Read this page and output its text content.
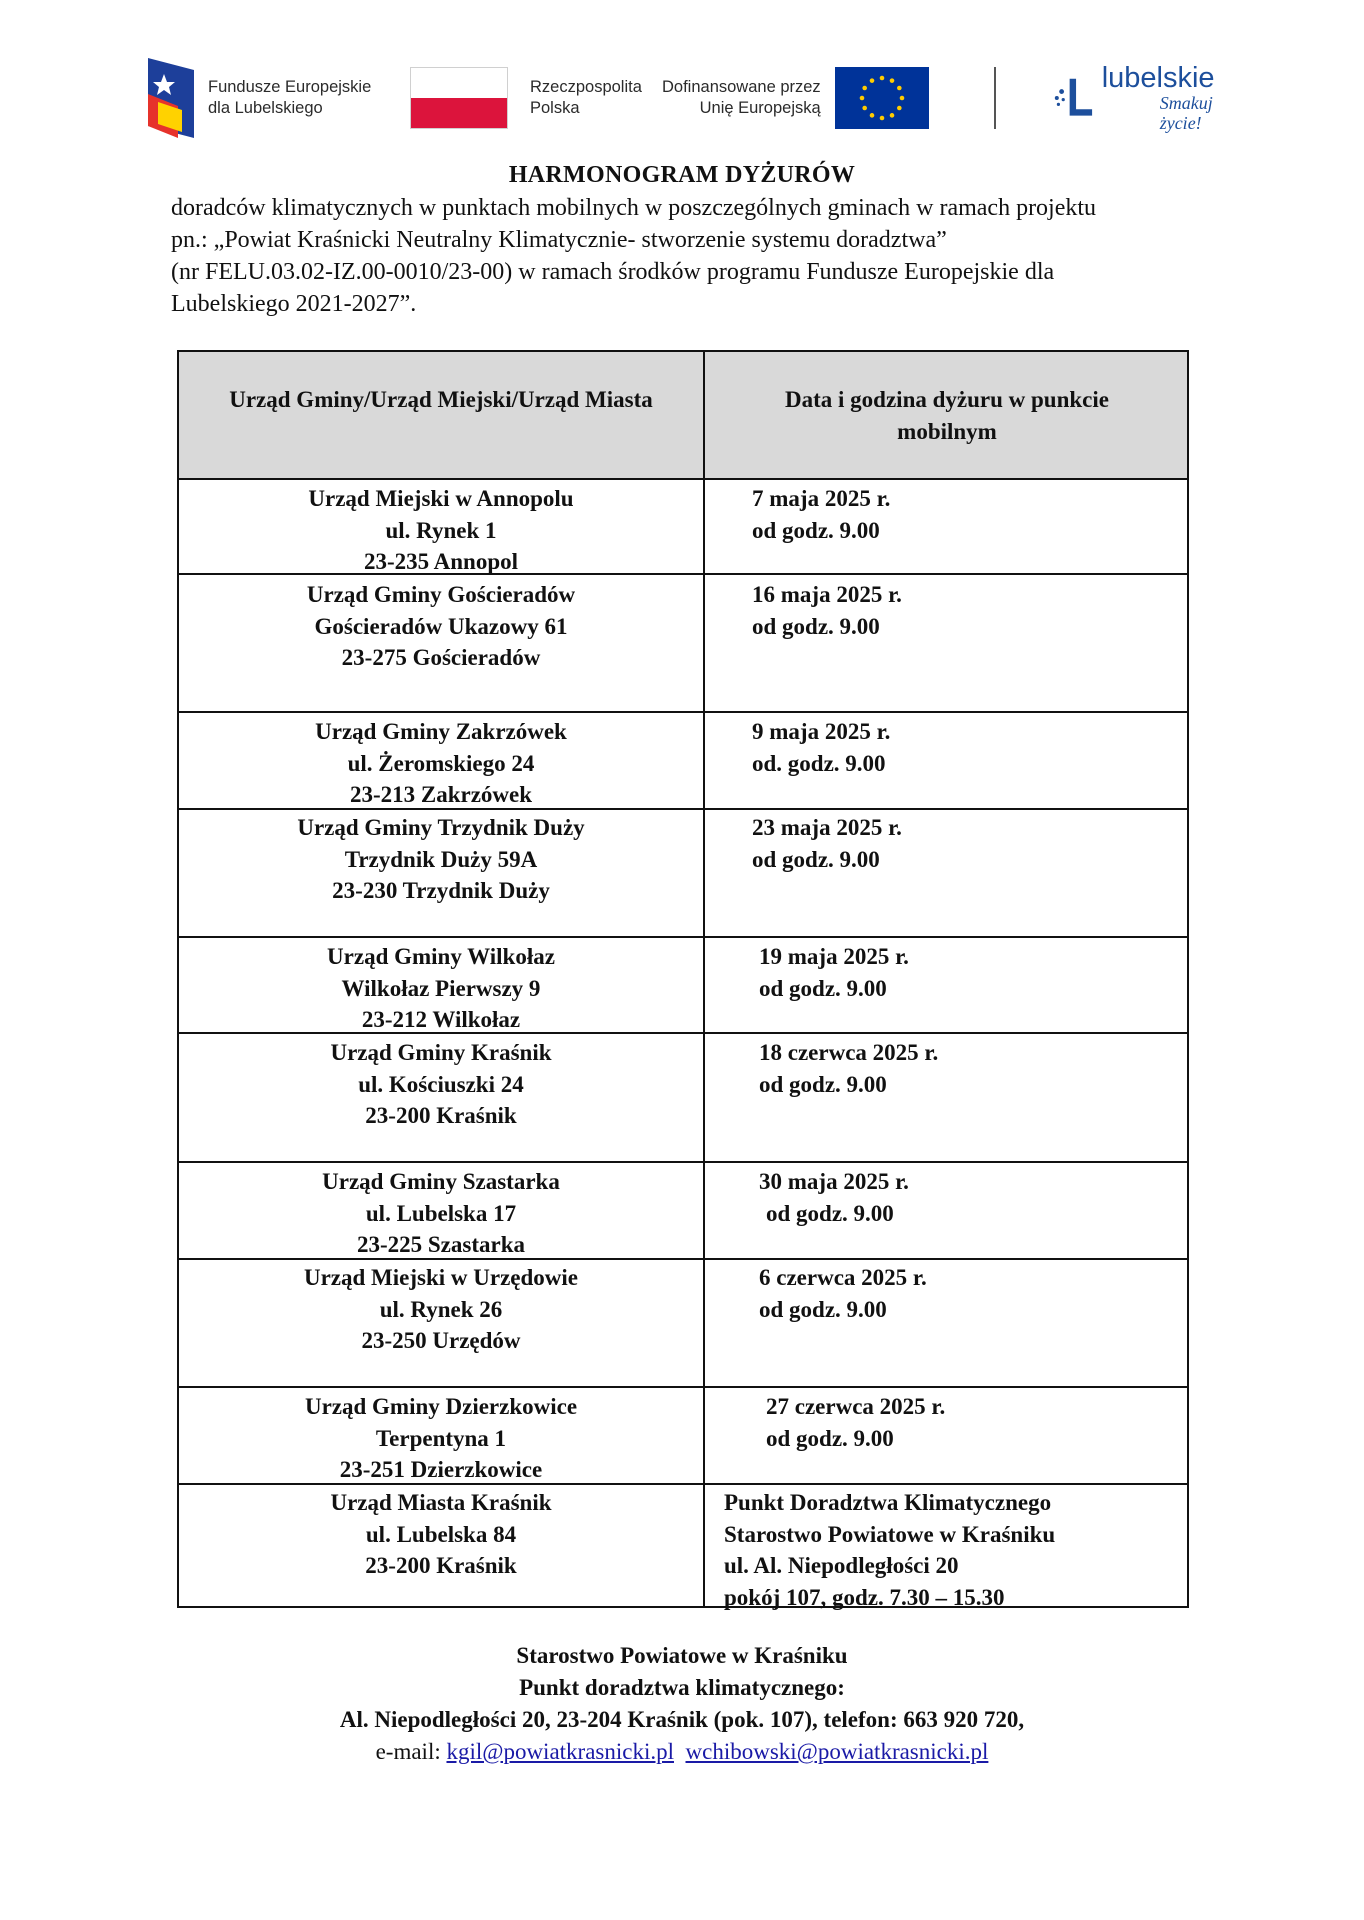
Fundusze Europejskie
dla Lubelskiego
Rzeczpospolita
Polska
Dofinansowane przez
Unię Europejską
lubelskie
Smakuj życie!
HARMONOGRAM DYŻURÓW

doradców klimatycznych w punktach mobilnych w poszczególnych gminach w ramach projektu

pn.: „Powiat Kraśnicki Neutralny Klimatycznie- stworzenie systemu doradztwa”

(nr FELU.03.02-IZ.00-0010/23-00) w ramach środków programu Fundusze Europejskie dla

Lubelskiego 2021-2027”.

Urząd Gminy/Urząd Miejski/Urząd Miasta	Data i godzina dyżuru w punkcie
mobilnym
Urząd Miejski w Annopolu
ul. Rynek 1
23-235 Annopol
7 maja 2025 r.
od godz. 9.00
Urząd Gminy Gościeradów
Gościeradów Ukazowy 61
23-275 Gościeradów
16 maja 2025 r.
od godz. 9.00
Urząd Gminy Zakrzówek
ul. Żeromskiego 24
23-213 Zakrzówek
9 maja 2025 r.
od. godz. 9.00
Urząd Gminy Trzydnik Duży
Trzydnik Duży 59A
23-230 Trzydnik Duży
23 maja 2025 r.
od godz. 9.00
Urząd Gminy Wilkołaz
Wilkołaz Pierwszy 9
23-212 Wilkołaz
19 maja 2025 r.
od godz. 9.00
Urząd Gminy Kraśnik
ul. Kościuszki 24
23-200 Kraśnik
18 czerwca 2025 r.
od godz. 9.00
Urząd Gminy Szastarka
ul. Lubelska 17
23-225 Szastarka
30 maja 2025 r.
od godz. 9.00
Urząd Miejski w Urzędowie
ul. Rynek 26
23-250 Urzędów
6 czerwca 2025 r.
od godz. 9.00
Urząd Gminy Dzierzkowice
Terpentyna 1
23-251 Dzierzkowice
27 czerwca 2025 r.
od godz. 9.00
Urząd Miasta Kraśnik
ul. Lubelska 84
23-200 Kraśnik
Punkt Doradztwa Klimatycznego
Starostwo Powiatowe w Kraśniku
ul. Al. Niepodległości 20
pokój 107, godz. 7.30 – 15.30
Starostwo Powiatowe w Kraśniku
Punkt doradztwa klimatycznego:
Al. Niepodległości 20, 23-204 Kraśnik (pok. 107), telefon: 663 920 720,
e-mail: kgil@powiatkrasnicki.pl wchibowski@powiatkrasnicki.pl
